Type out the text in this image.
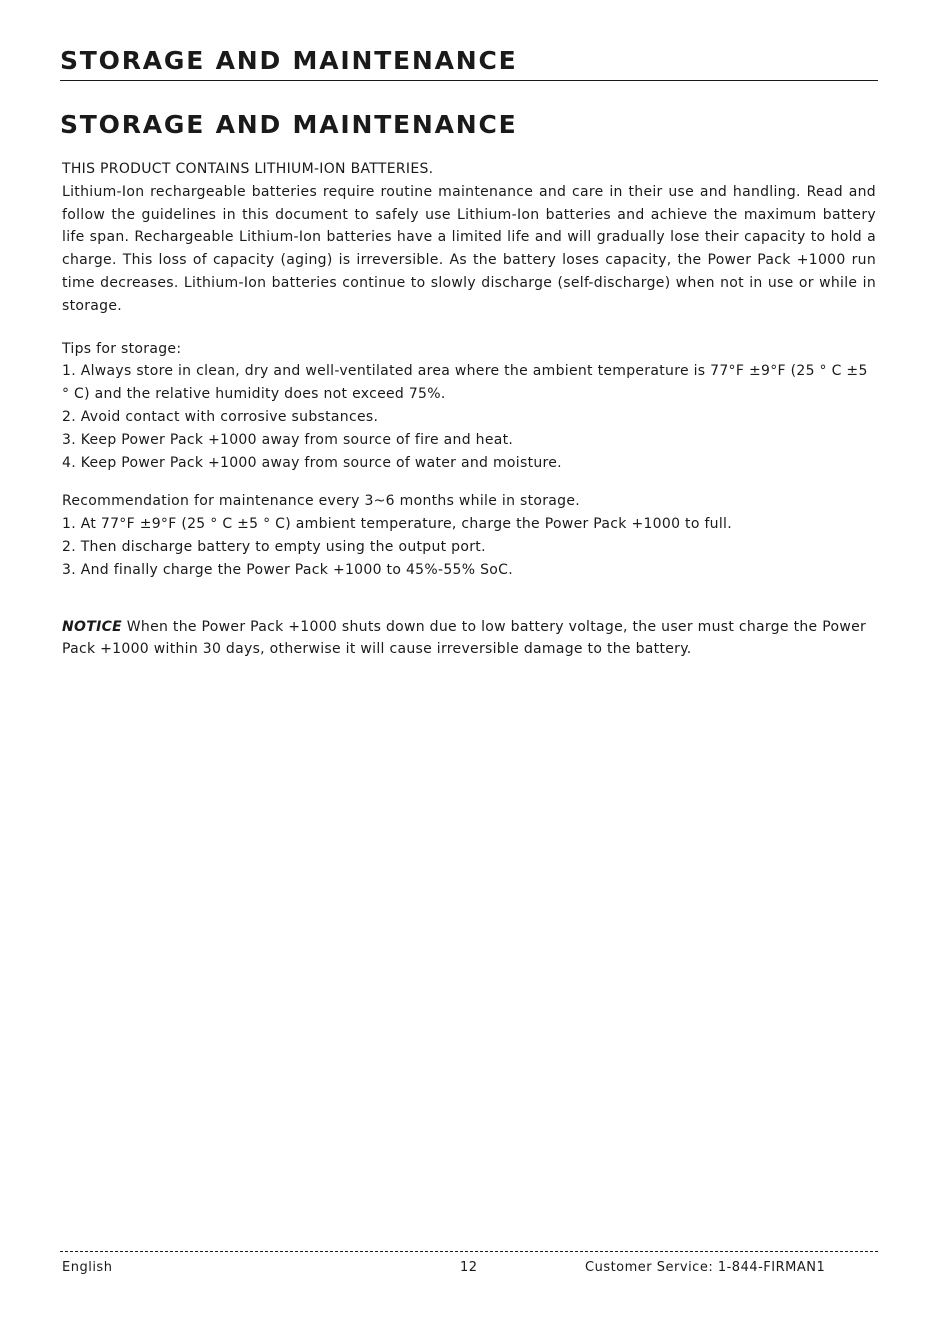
STORAGE AND MAINTENANCE
STORAGE AND MAINTENANCE

THIS PRODUCT CONTAINS LITHIUM-ION BATTERIES.

Lithium-Ion rechargeable batteries require routine maintenance and care in their use and handling. Read and follow the guidelines in this document to safely use Lithium-Ion batteries and achieve the maximum battery life span. Rechargeable Lithium-Ion batteries have a limited life and will gradually lose their capacity to hold a charge. This loss of capacity (aging) is irreversible. As the battery loses capacity, the Power Pack +1000 run time decreases. Lithium-Ion batteries continue to slowly discharge (self-discharge) when not in use or while in storage.

Tips for storage:

1. Always store in clean, dry and well-ventilated area where the ambient temperature is 77°F ±9°F (25 ° C ±5 ° C) and the relative humidity does not exceed 75%.

2. Avoid contact with corrosive substances.

3. Keep Power Pack +1000 away from source of fire and heat.

4. Keep Power Pack +1000 away from source of water and moisture.

Recommendation for maintenance every 3~6 months while in storage.

1. At 77°F ±9°F (25 ° C ±5 ° C) ambient temperature, charge the Power Pack +1000 to full.

2. Then discharge battery to empty using the output port.

3. And finally charge the Power Pack +1000 to 45%-55% SoC.

NOTICE When the Power Pack +1000 shuts down due to low battery voltage, the user must charge the Power Pack +1000 within 30 days, otherwise it will cause irreversible damage to the battery.

English	12	Customer Service: 1-844-FIRMAN1
